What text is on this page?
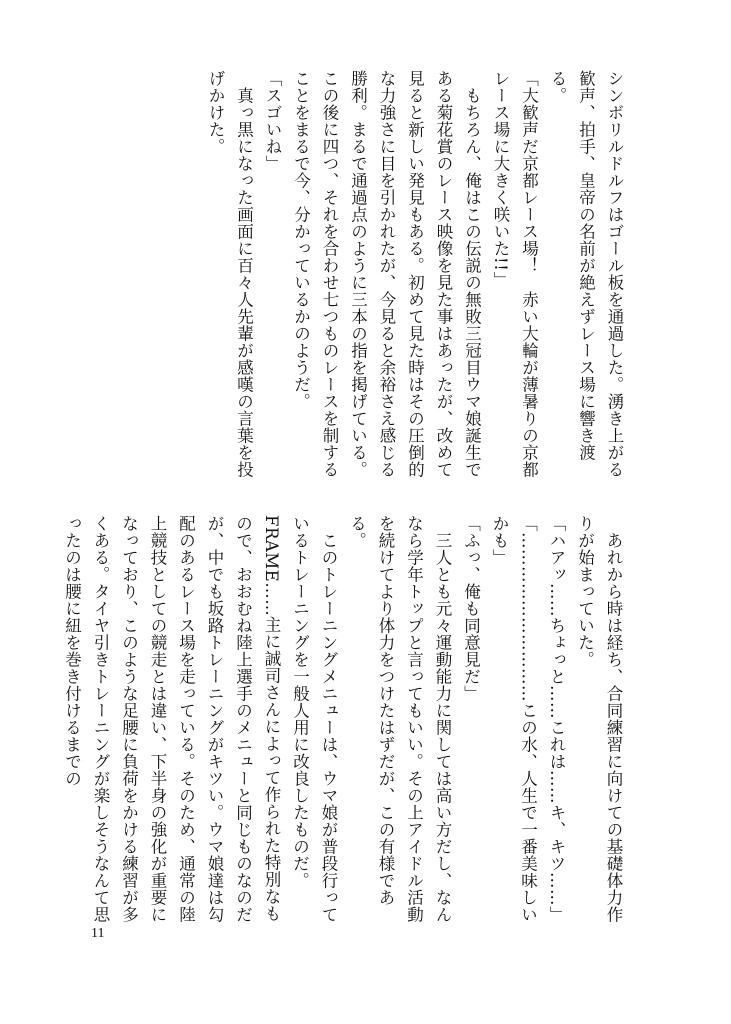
シンボリルドルフはゴール板を通過した。湧き上がる歓声、拍手、皇帝の名前が絶えずレース場に響き渡る。

「大歓声だ京都レース場！　赤い大輪が薄暑りの京都レース場に大きく咲いた!!」

　もちろん、俺はこの伝説の無敗三冠目ウマ娘誕生である菊花賞のレース映像を見た事はあったが、改めて見ると新しい発見もある。初めて見た時はその圧倒的な力強さに目を引かれたが、今見ると余裕さえ感じる勝利。まるで通過点のように三本の指を掲げている。この後に四つ、それを合わせ七つものレースを制することをまるで今、分かっているかのようだ。

「スゴいね」

　真っ黒になった画面に百々人先輩が感嘆の言葉を投げかけた。

　あれから時は経ち、合同練習に向けての基礎体力作りが始まっていた。

「ハアッ……ちょっと……これは……キ、キツ……」

「…………………………この水、人生で一番美味しいかも」

「ふっ、俺も同意見だ」

　三人とも元々運動能力に関しては高い方だし、なんなら学年トップと言ってもいい。その上アイドル活動を続けてより体力をつけたはずだが、この有様である。

　このトレーニングメニューは、ウマ娘が普段行っているトレーニングを一般人用に改良したものだ。FRAME……主に誠司さんによって作られた特別なもので、おおむね陸上選手のメニューと同じものなのだが、中でも坂路トレーニングがキツい。ウマ娘達は勾配のあるレース場を走っている。そのため、通常の陸上競技としての競走とは違い、下半身の強化が重要になっており、このような足腰に負荷をかける練習が多くある。タイヤ引きトレーニングが楽しそうなんて思ったのは腰に紐を巻き付けるまでの

11
